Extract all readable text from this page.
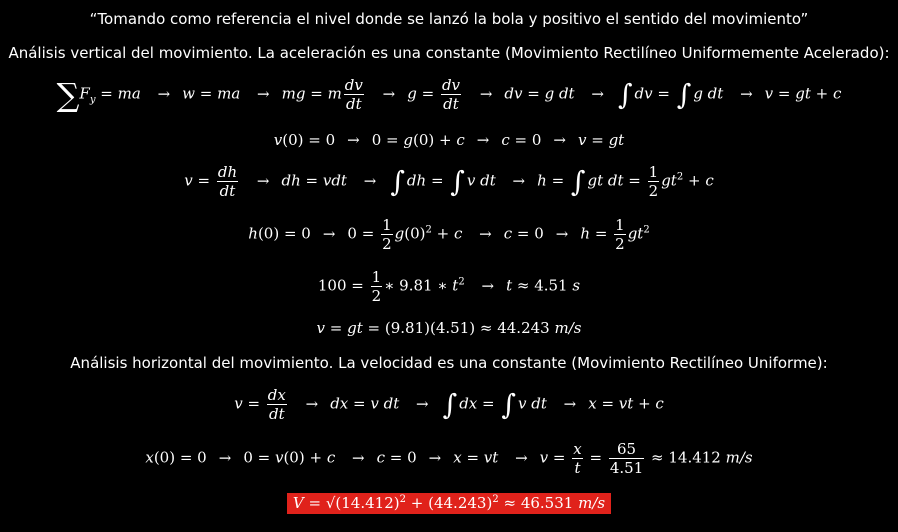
“Tomando como referencia el nivel donde se lanzó la bola y positivo el sentido del movimiento”
Análisis vertical del movimiento. La aceleración es una constante (Movimiento Rectilíneo Uniformemente Acelerado):
$\sum F_y$ = ma → w = ma → mg = m $\frac{dv}{dt} \to g = \frac{dv}{dt}$ → dv = g dt → ∫ dv = ∫ g dt → v = gt + c
v(0) = 0 → 0 = g(0) + c → c = 0 → v = gt
$v = \frac{dh}{dt}$ → dh = vdt → ∫ dh = ∫ v dt → h = ∫ gt dt = $\frac{1}{2} gt^2 + c$
$h(0) = 0 \to 0 = \frac{1}{2} g(0)^2 + c \to c = 0 \to h = \frac{1}{2} gt^2$
$100 = \frac{1}{2}$ ∗ 9.81 ∗ $t^2 \to t \approx 4.51$ s
v = gt = (9.81)(4.51) ≈ 44.243 m/s
Análisis horizontal del movimiento. La velocidad es una constante (Movimiento Rectilíneo Uniforme):
$v = \frac{dx}{dt}$ → dx = v dt → ∫ dx = ∫ v dt → x = vt + c
x(0) = 0 → 0 = v(0) + c → c = 0 → x = vt → $v = \frac{x}{t} = \frac{65}{4.51} \approx 14.412$ m/s
$V = √(14.412)^2 + (44.243)^2 \approx 46.531$ m/s
